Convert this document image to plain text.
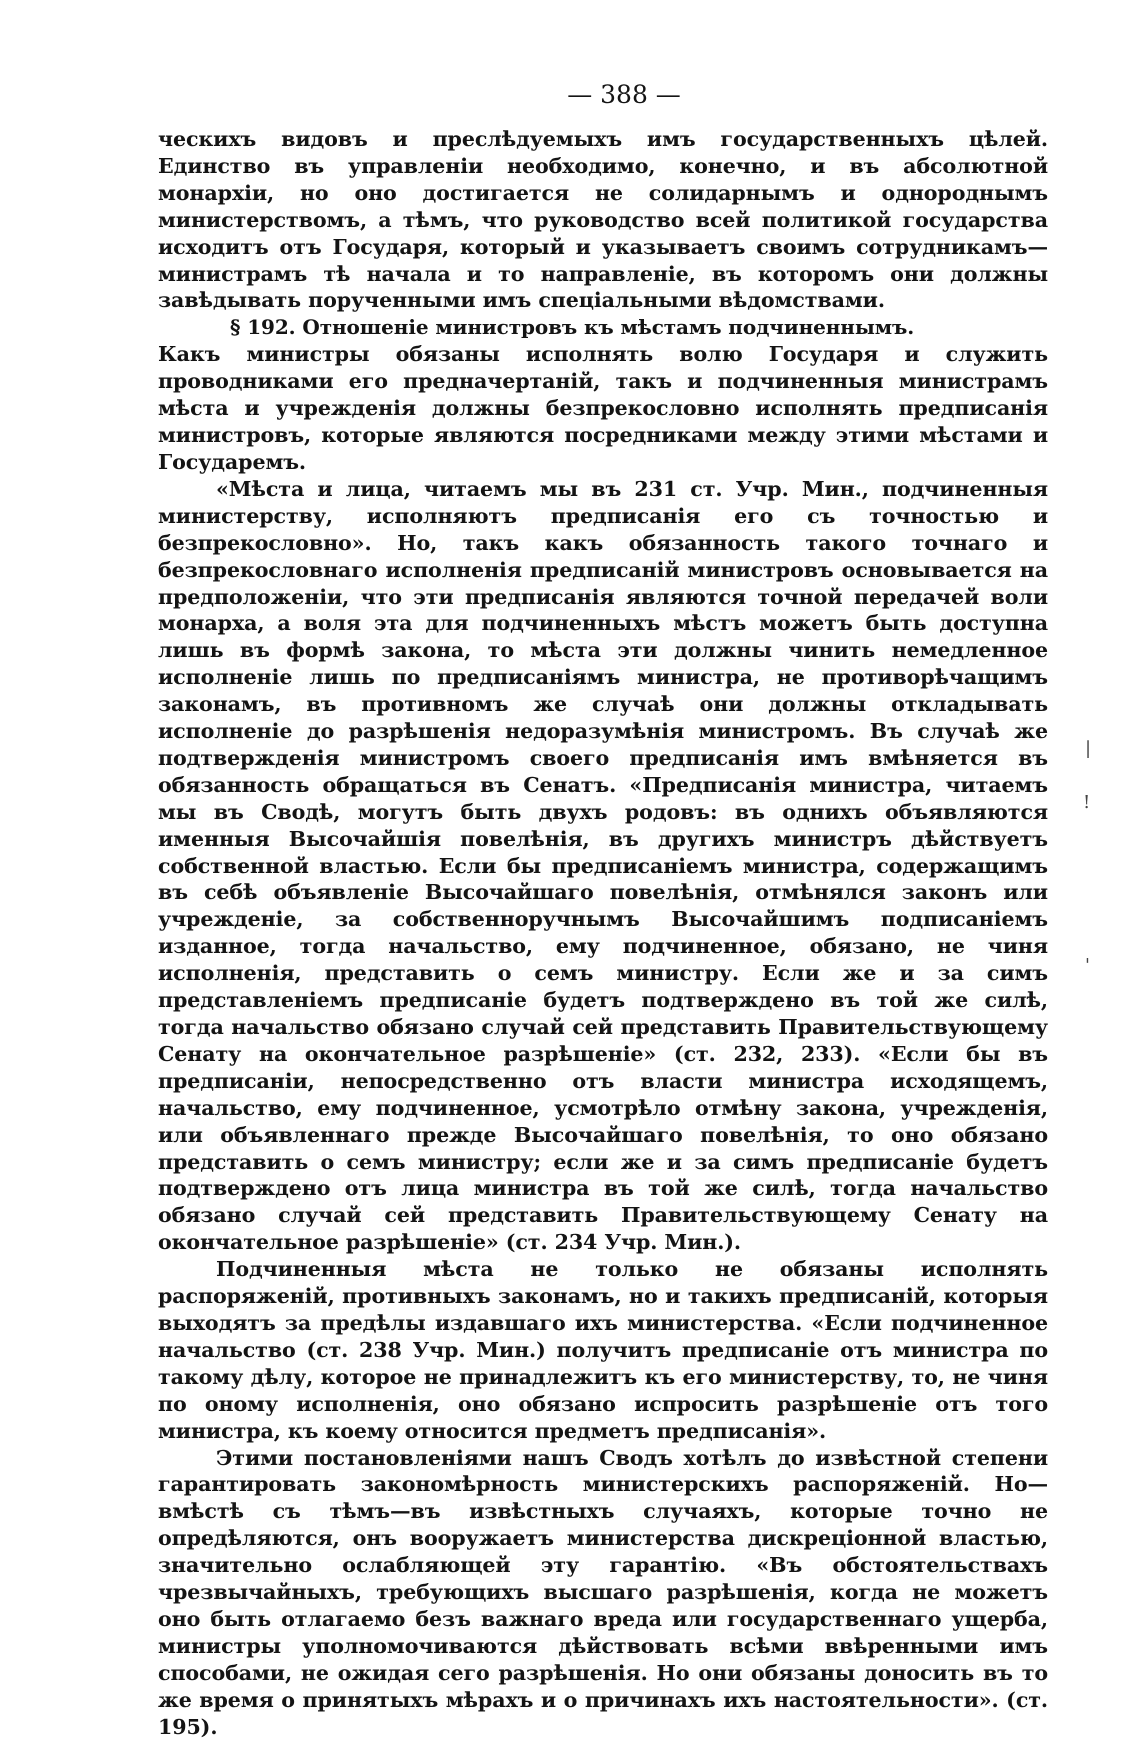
— 388 —

ческихъ видовъ и преслѣдуемыхъ имъ государственныхъ цѣлей. Единство въ управленіи необходимо, конечно, и въ абсолютной монархіи, но оно достигается не солидарнымъ и однороднымъ министерствомъ, а тѣмъ, что руководство всей политикой государства исходитъ отъ Государя, который и указываетъ своимъ сотрудникамъ—министрамъ тѣ начала и то направленіе, въ которомъ они должны завѣдывать порученными имъ спеціальными вѣдомствами.

§ 192. Отношеніе министровъ къ мѣстамъ подчиненнымъ.

Какъ министры обязаны исполнять волю Государя и служить проводниками его предначертаній, такъ и подчиненныя министрамъ мѣста и учрежденія должны безпрекословно исполнять предписанія министровъ, которые являются посредниками между этими мѣстами и Государемъ.

«Мѣста и лица, читаемъ мы въ 231 ст. Учр. Мин., подчиненныя министерству, исполняютъ предписанія его съ точностью и безпрекословно». Но, такъ какъ обязанность такого точнаго и безпрекословнаго исполненія предписаній министровъ основывается на предположеніи, что эти предписанія являются точной передачей воли монарха, а воля эта для подчиненныхъ мѣстъ можетъ быть доступна лишь въ формѣ закона, то мѣста эти должны чинить немедленное исполненіе лишь по предписаніямъ министра, не противорѣчащимъ законамъ, въ противномъ же случаѣ они должны откладывать исполненіе до разрѣшенія недоразумѣнія министромъ. Въ случаѣ же подтвержденія министромъ своего предписанія имъ вмѣняется въ обязанность обращаться въ Сенатъ. «Предписанія министра, читаемъ мы въ Сводѣ, могутъ быть двухъ родовъ: въ однихъ объявляются именныя Высочайшія повелѣнія, въ другихъ министръ дѣйствуетъ собственной властью. Если бы предписаніемъ министра, содержащимъ въ себѣ объявленіе Высочайшаго повелѣнія, отмѣнялся законъ или учрежденіе, за собственноручнымъ Высочайшимъ подписаніемъ изданное, тогда начальство, ему подчиненное, обязано, не чиня исполненія, представить о семъ министру. Если же и за симъ представленіемъ предписаніе будетъ подтверждено въ той же силѣ, тогда начальство обязано случай сей представить Правительствующему Сенату на окончательное разрѣшеніе» (ст. 232, 233). «Если бы въ предписаніи, непосредственно отъ власти министра исходящемъ, начальство, ему подчиненное, усмотрѣло отмѣну закона, учрежденія, или объявленнаго прежде Высочайшаго повелѣнія, то оно обязано представить о семъ министру; если же и за симъ предписаніе будетъ подтверждено отъ лица министра въ той же силѣ, тогда начальство обязано случай сей представить Правительствующему Сенату на окончательное разрѣшеніе» (ст. 234 Учр. Мин.).

Подчиненныя мѣста не только не обязаны исполнять распоряженій, противныхъ законамъ, но и такихъ предписаній, которыя выходятъ за предѣлы издавшаго ихъ министерства. «Если подчиненное начальство (ст. 238 Учр. Мин.) получитъ предписаніе отъ министра по такому дѣлу, которое не принадлежитъ къ его министерству, то, не чиня по оному исполненія, оно обязано испросить разрѣшеніе отъ того министра, къ коему относится предметъ предписанія».

Этими постановленіями нашъ Сводъ хотѣлъ до извѣстной степени гарантировать закономѣрность министерскихъ распоряженій. Но—вмѣстѣ съ тѣмъ—въ извѣстныхъ случаяхъ, которые точно не опредѣляются, онъ вооружаетъ министерства дискреціонной властью, значительно ослабляющей эту гарантію. «Въ обстоятельствахъ чрезвычайныхъ, требующихъ высшаго разрѣшенія, когда не можетъ оно быть отлагаемо безъ важнаго вреда или государственнаго ущерба, министры уполномочиваются дѣйствовать всѣми ввѣренными имъ способами, не ожидая сего разрѣшенія. Но они обязаны доносить въ то же время о принятыхъ мѣрахъ и о причинахъ ихъ настоятельности». (ст. 195).

|
!
'
